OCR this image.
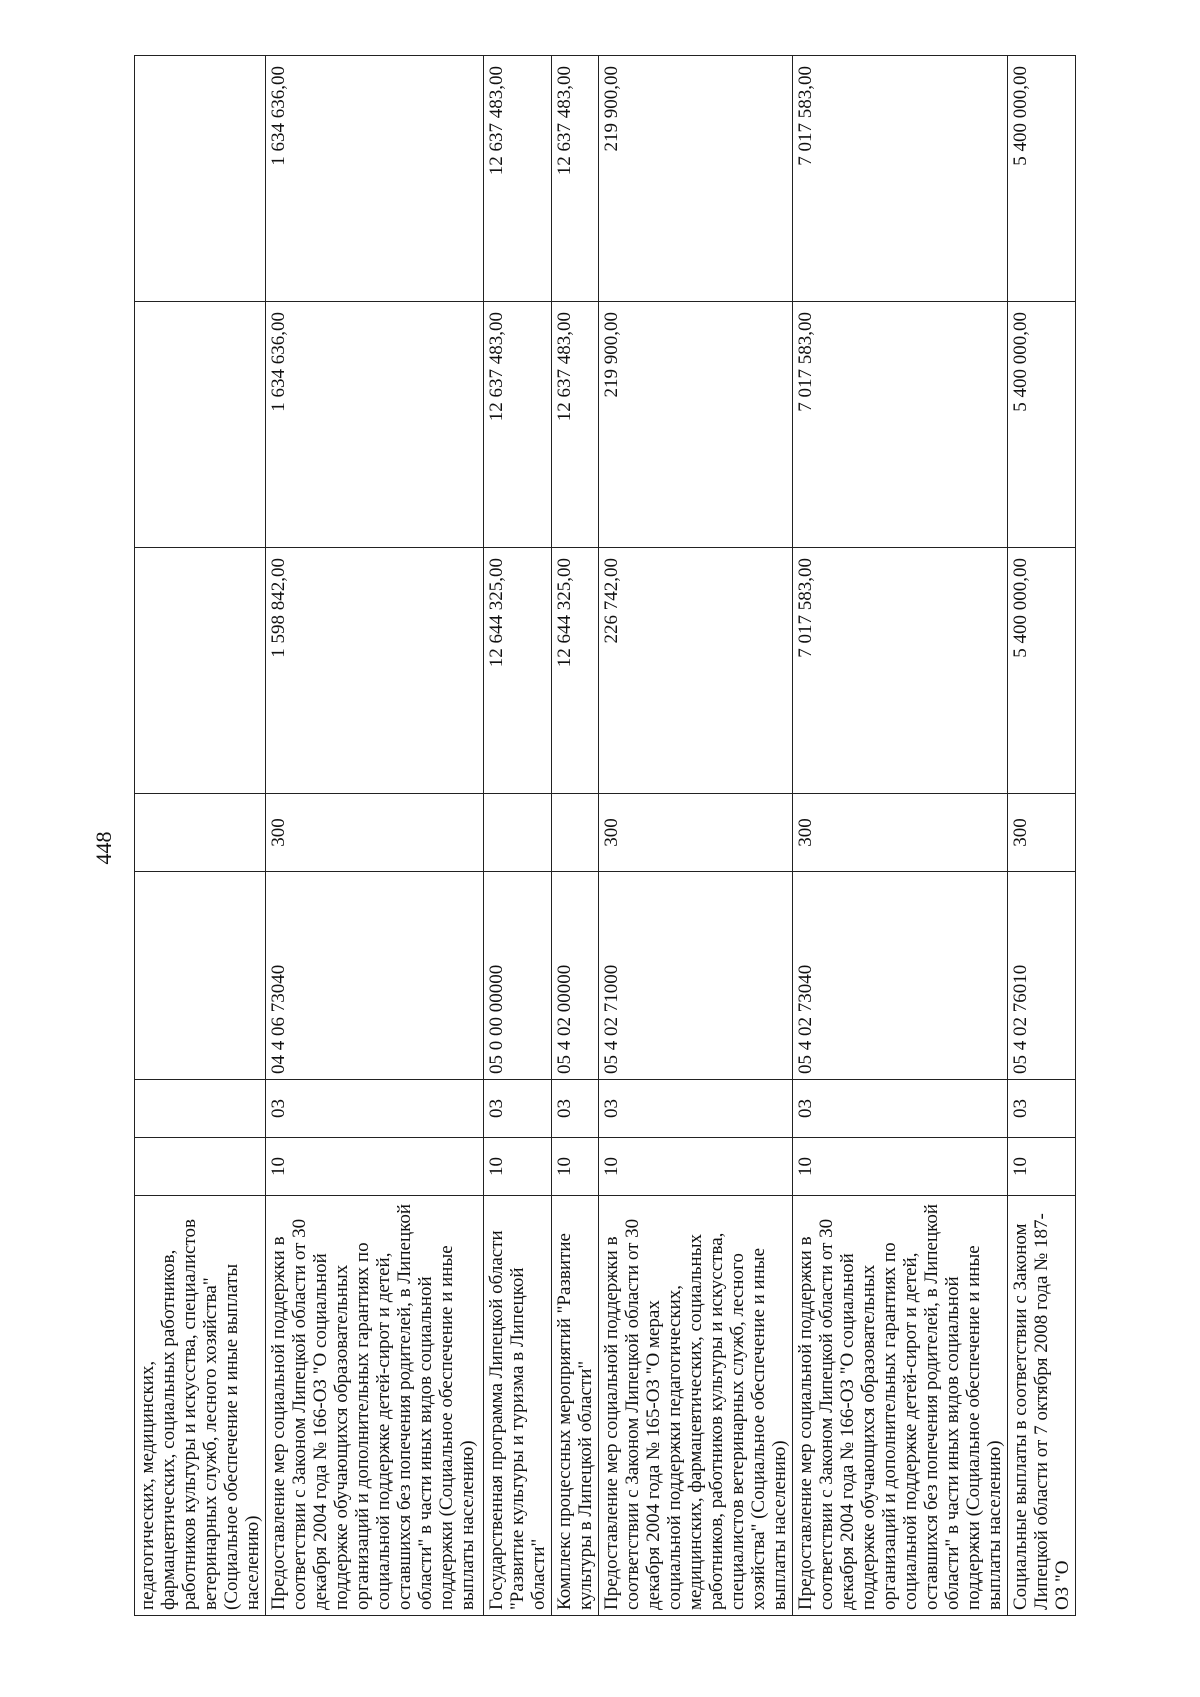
448
педагогических, медицинских, фармацевтических, социальных работников, работников культуры и искусства, специалистов ветеринарных служб, лесного хозяйства" (Социальное обеспечение и иные выплаты населению)							
Предоставление мер социальной поддержки в соответствии с Законом Липецкой области от 30 декабря 2004 года № 166-ОЗ "О социальной поддержке обучающихся образовательных организаций и дополнительных гарантиях по социальной поддержке детей-сирот и детей, оставшихся без попечения родителей, в Липецкой области" в части иных видов социальной поддержки (Социальное обеспечение и иные выплаты населению)	10	03	04 4 06 73040	300	1 598 842,00	1 634 636,00	1 634 636,00
Государственная программа Липецкой области "Развитие культуры и туризма в Липецкой области"	10	03	05 0 00 00000		12 644 325,00	12 637 483,00	12 637 483,00
Комплекс процессных мероприятий "Развитие культуры в Липецкой области"	10	03	05 4 02 00000		12 644 325,00	12 637 483,00	12 637 483,00
Предоставление мер социальной поддержки в соответствии с Законом Липецкой области от 30 декабря 2004 года № 165-ОЗ "О мерах социальной поддержки педагогических, медицинских, фармацевтических, социальных работников, работников культуры и искусства, специалистов ветеринарных служб, лесного хозяйства" (Социальное обеспечение и иные выплаты населению)	10	03	05 4 02 71000	300	226 742,00	219 900,00	219 900,00
Предоставление мер социальной поддержки в соответствии с Законом Липецкой области от 30 декабря 2004 года № 166-ОЗ "О социальной поддержке обучающихся образовательных организаций и дополнительных гарантиях по социальной поддержке детей-сирот и детей, оставшихся без попечения родителей, в Липецкой области" в части иных видов социальной поддержки (Социальное обеспечение и иные выплаты населению)	10	03	05 4 02 73040	300	7 017 583,00	7 017 583,00	7 017 583,00
Социальные выплаты в соответствии с Законом Липецкой области от 7 октября 2008 года № 187-ОЗ "О	10	03	05 4 02 76010	300	5 400 000,00	5 400 000,00	5 400 000,00
